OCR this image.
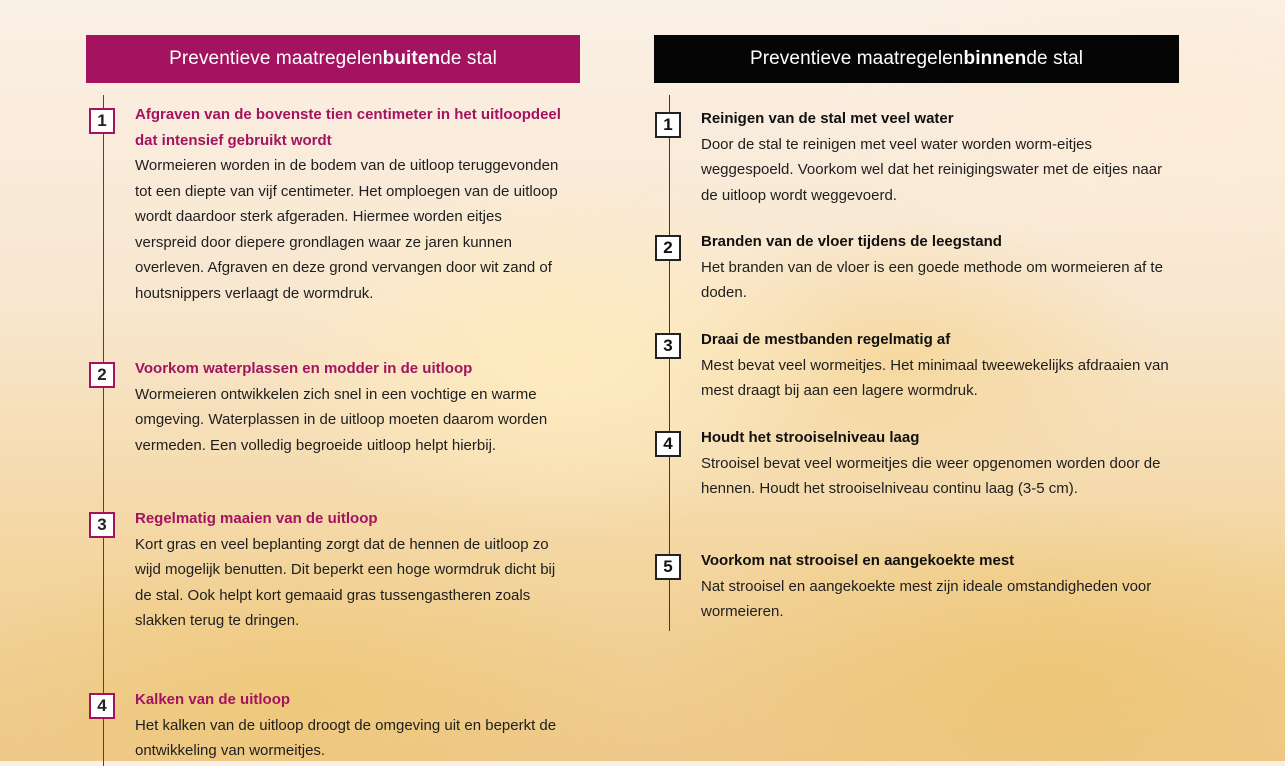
Preventieve maatregelen buiten de stal
1	Afgraven van de bovenste tien centimeter in het uitloopdeel dat intensief gebruikt wordt
Wormeieren worden in de bodem van de uitloop teruggevonden tot een diepte van vijf centimeter. Het omploegen van de uitloop wordt daardoor sterk afgeraden. Hiermee worden eitjes verspreid door diepere grondlagen waar ze jaren kunnen overleven. Afgraven en deze grond vervangen door wit zand of houtsnippers verlaagt de wormdruk.
2	Voorkom waterplassen en modder in de uitloop
Wormeieren ontwikkelen zich snel in een vochtige en warme omgeving. Waterplassen in de uitloop moeten daarom worden vermeden. Een volledig begroeide uitloop helpt hierbij.
3	Regelmatig maaien van de uitloop
Kort gras en veel beplanting zorgt dat de hennen de uitloop zo wijd mogelijk benutten. Dit beperkt een hoge wormdruk dicht bij de stal. Ook helpt kort gemaaid gras tussengastheren zoals slakken terug te dringen.
4	Kalken van de uitloop
Het kalken van de uitloop droogt de omgeving uit en beperkt de ontwikkeling van wormeitjes.
Preventieve maatregelen binnen de stal
1	Reinigen van de stal met veel water
Door de stal te reinigen met veel water worden worm-eitjes weggespoeld. Voorkom wel dat het reinigingswater met de eitjes naar de uitloop wordt weggevoerd.
2	Branden van de vloer tijdens de leegstand
Het branden van de vloer is een goede methode om wormeieren af te doden.
3	Draai de mestbanden regelmatig af
Mest bevat veel wormeitjes. Het minimaal tweewekelijks afdraaien van mest draagt bij aan een lagere wormdruk.
4	Houdt het strooiselniveau laag
Strooisel bevat veel wormeitjes die weer opgenomen worden door de hennen. Houdt het strooiselniveau continu laag (3-5 cm).
5	Voorkom nat strooisel en aangekoekte mest
Nat strooisel en aangekoekte mest zijn ideale omstandigheden voor wormeieren.
